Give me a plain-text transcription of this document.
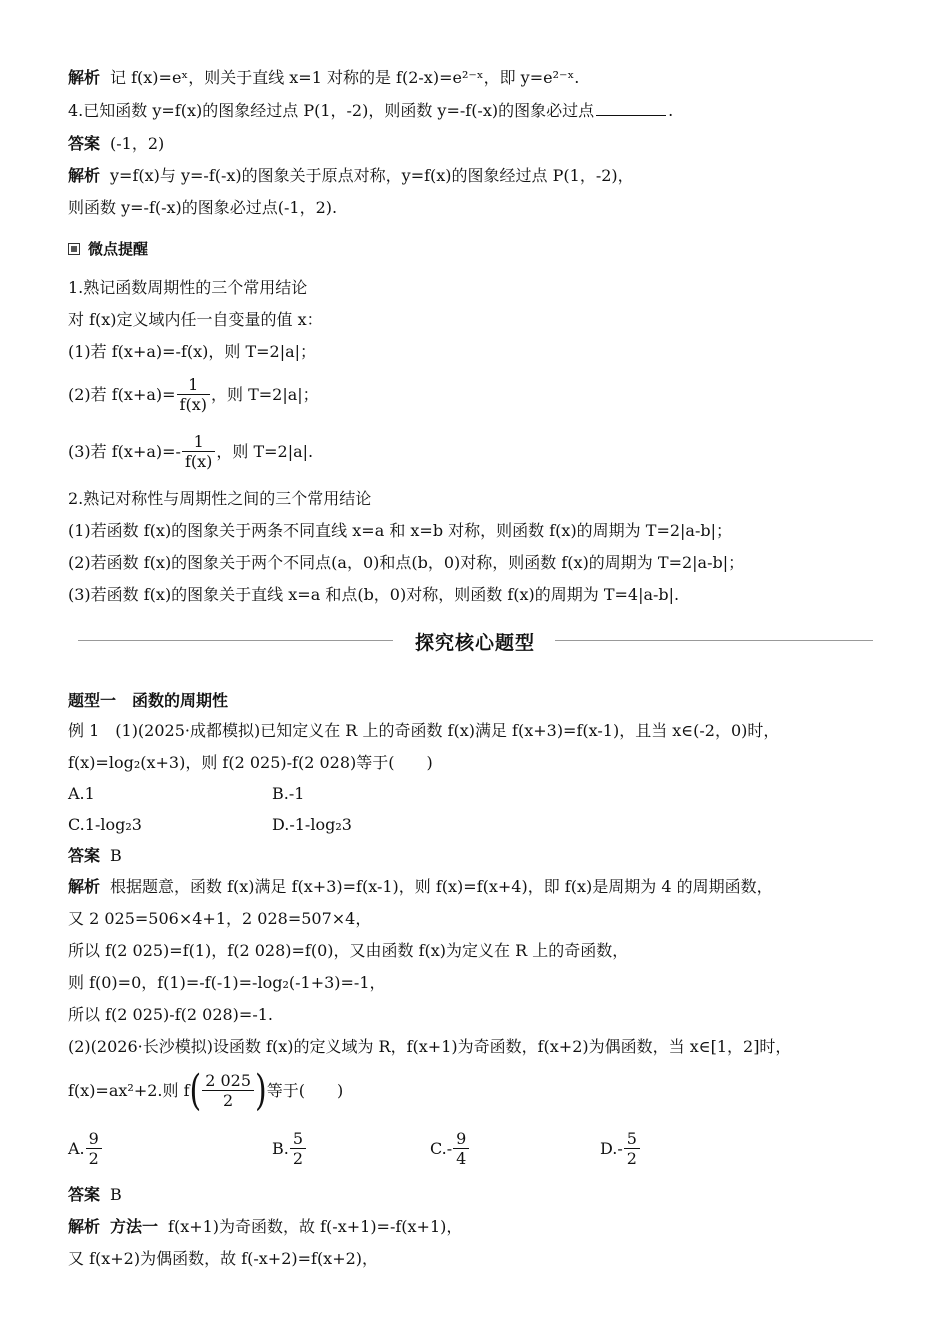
解析 记 f(x)=eˣ，则关于直线 x=1 对称的是 f(2-x)=e²⁻ˣ，即 y=e²⁻ˣ.
4.已知函数 y=f(x)的图象经过点 P(1，-2)，则函数 y=-f(-x)的图象必过点	.
答案 (-1，2)
解析 y=f(x)与 y=-f(-x)的图象关于原点对称，y=f(x)的图象经过点 P(1，-2)，
则函数 y=-f(-x)的图象必过点(-1，2).
微点提醒
1.熟记函数周期性的三个常用结论
对 f(x)定义域内任一自变量的值 x：
(1)若 f(x+a)=-f(x)，则 T=2|a|；
(2)若 $f(x+a)= \frac{1}{f(x)}$ ，则 T=2|a|；
(3)若 $f(x+a)=- \frac{1}{f(x)}$ ，则 T=2|a|.
2.熟记对称性与周期性之间的三个常用结论
(1)若函数 f(x)的图象关于两条不同直线 x=a 和 x=b 对称，则函数 f(x)的周期为 T=2|a-b|；
(2)若函数 f(x)的图象关于两个不同点(a，0)和点(b，0)对称，则函数 f(x)的周期为 T=2|a-b|；
(3)若函数 f(x)的图象关于直线 x=a 和点(b，0)对称，则函数 f(x)的周期为 T=4|a-b|.
探究核心题型
题型一　函数的周期性
例 1　(1)(2025·成都模拟)已知定义在 R 上的奇函数 f(x)满足 f(x+3)=f(x-1)，且当 x∈(-2，0)时，
f(x)=log₂(x+3)，则 f(2 025)-f(2 028)等于(　　)
A.1	B.-1
C.1-log₂3	D.-1-log₂3
答案 B
解析 根据题意，函数 f(x)满足 f(x+3)=f(x-1)，则 f(x)=f(x+4)，即 f(x)是周期为 4 的周期函数，
又 2 025=506×4+1，2 028=507×4，
所以 f(2 025)=f(1)，f(2 028)=f(0)，又由函数 f(x)为定义在 R 上的奇函数，
则 f(0)=0，f(1)=-f(-1)=-log₂(-1+3)=-1，
所以 f(2 025)-f(2 028)=-1.
(2)(2026·长沙模拟)设函数 f(x)的定义域为 R，f(x+1)为奇函数，f(x+2)为偶函数，当 x∈[1，2]时，
f(x)=ax²+2.则 $f( \frac{2 025}{2}$ )等于(　　)
A. $\frac{9}{2}$	B. $\frac{5}{2}$	$C.- \frac{9}{4}$	$D.- \frac{5}{2}$
答案 B
解析 方法一 f(x+1)为奇函数，故 f(-x+1)=-f(x+1)，
又 f(x+2)为偶函数，故 f(-x+2)=f(x+2)，
